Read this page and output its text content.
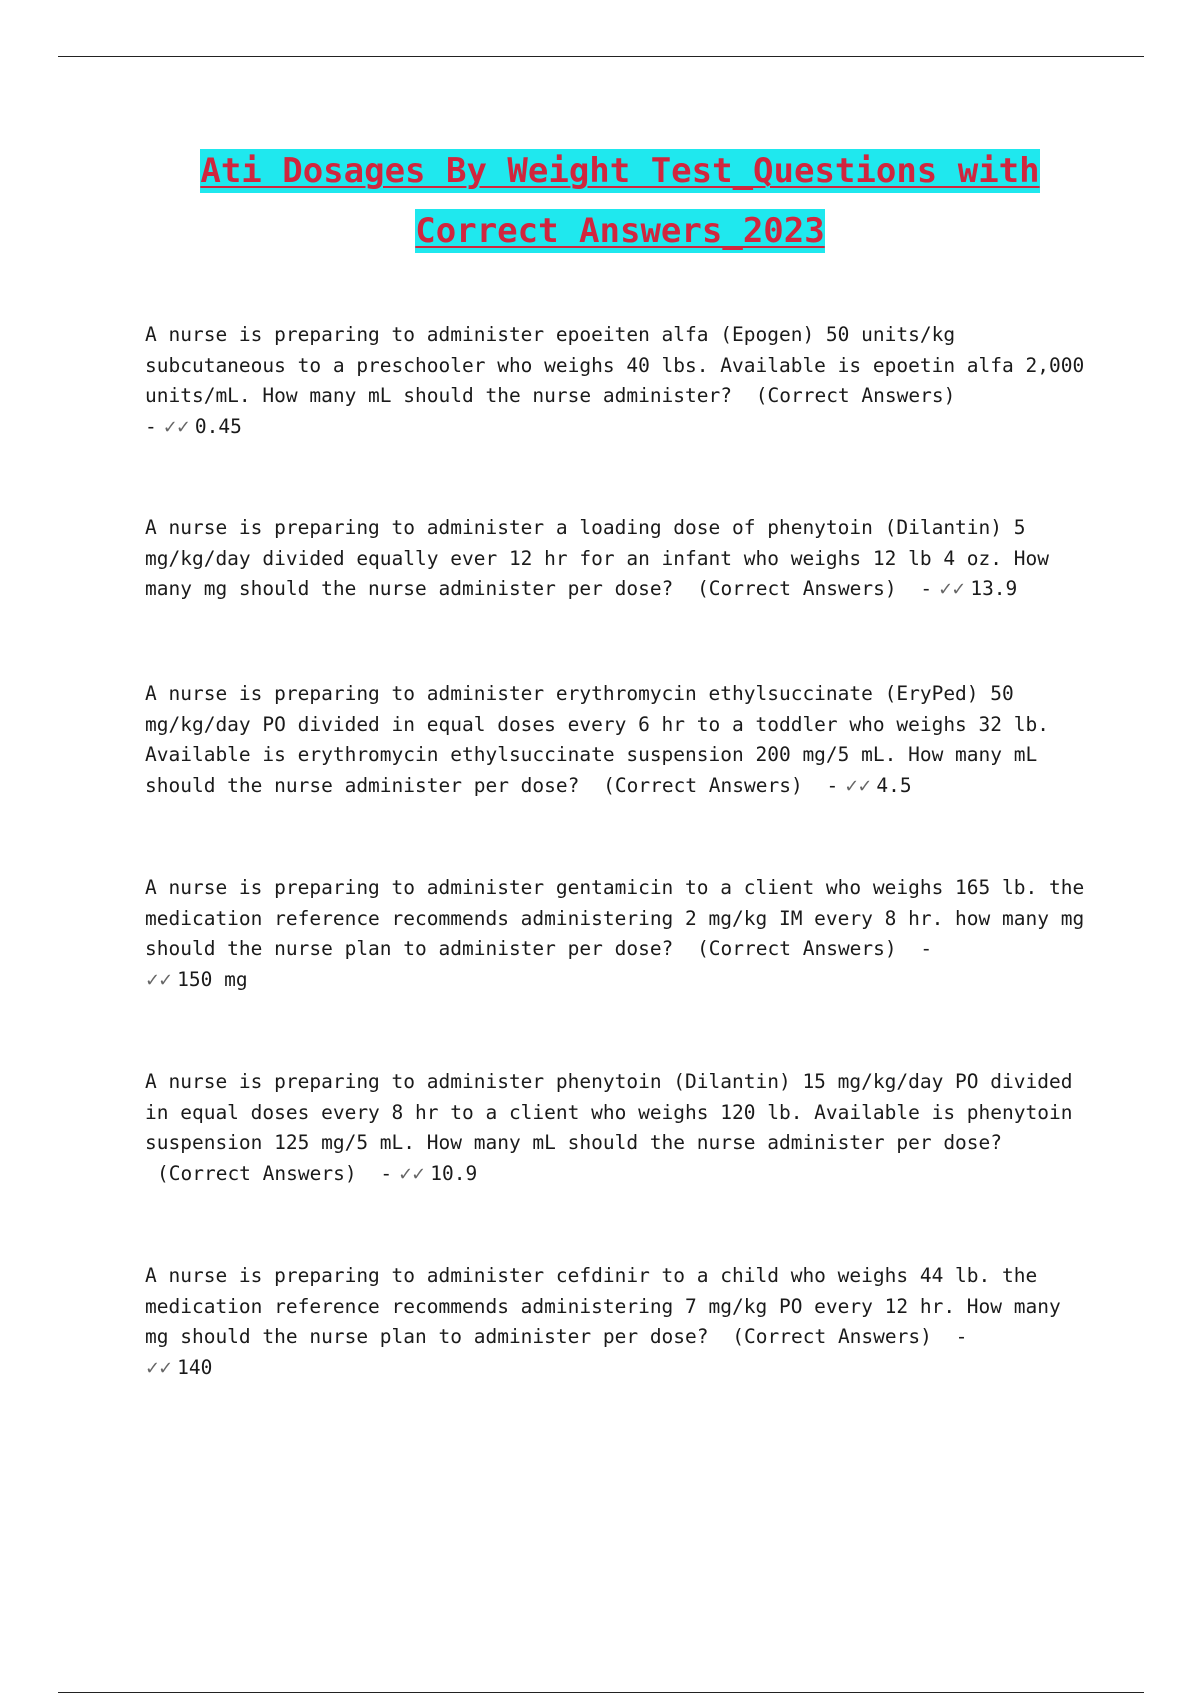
Ati Dosages By Weight Test_Questions with
Correct Answers_2023
A nurse is preparing to administer epoeiten alfa (Epogen) 50 units/kg subcutaneous to a preschooler who weighs 40 lbs. Available is epoetin alfa 2,000 units/mL. How many mL should the nurse administer? (Correct Answers)
- ✓✓ 0.45
A nurse is preparing to administer a loading dose of phenytoin (Dilantin) 5 mg/kg/day divided equally ever 12 hr for an infant who weighs 12 lb 4 oz. How many mg should the nurse administer per dose? (Correct Answers) - ✓✓ 13.9
A nurse is preparing to administer erythromycin ethylsuccinate (EryPed) 50 mg/kg/day PO divided in equal doses every 6 hr to a toddler who weighs 32 lb. Available is erythromycin ethylsuccinate suspension 200 mg/5 mL. How many mL should the nurse administer per dose? (Correct Answers) - ✓✓ 4.5
A nurse is preparing to administer gentamicin to a client who weighs 165 lb. the medication reference recommends administering 2 mg/kg IM every 8 hr. how many mg should the nurse plan to administer per dose? (Correct Answers) -
✓✓ 150 mg
A nurse is preparing to administer phenytoin (Dilantin) 15 mg/kg/day PO divided in equal doses every 8 hr to a client who weighs 120 lb. Available is phenytoin suspension 125 mg/5 mL. How many mL should the nurse administer per dose? (Correct Answers) - ✓✓ 10.9
A nurse is preparing to administer cefdinir to a child who weighs 44 lb. the medication reference recommends administering 7 mg/kg PO every 12 hr. How many mg should the nurse plan to administer per dose? (Correct Answers) -
✓✓ 140
